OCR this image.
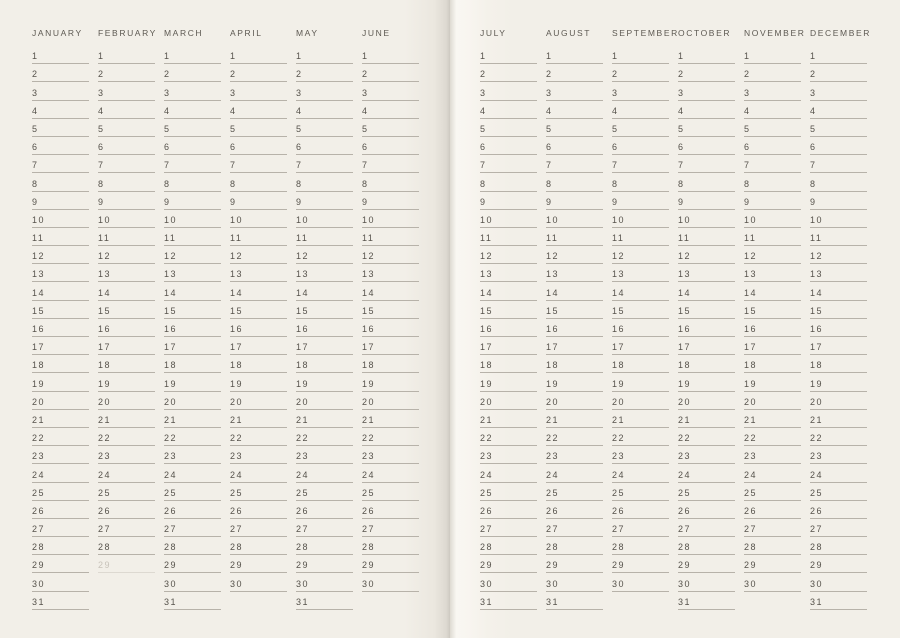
JANUARY
1
2
3
4
5
6
7
8
9
10
11
12
13
14
15
16
17
18
19
20
21
22
23
24
25
26
27
28
29
30
31
FEBRUARY
1
2
3
4
5
6
7
8
9
10
11
12
13
14
15
16
17
18
19
20
21
22
23
24
25
26
27
28
29
MARCH
1
2
3
4
5
6
7
8
9
10
11
12
13
14
15
16
17
18
19
20
21
22
23
24
25
26
27
28
29
30
31
APRIL
1
2
3
4
5
6
7
8
9
10
11
12
13
14
15
16
17
18
19
20
21
22
23
24
25
26
27
28
29
30
MAY
1
2
3
4
5
6
7
8
9
10
11
12
13
14
15
16
17
18
19
20
21
22
23
24
25
26
27
28
29
30
31
JUNE
1
2
3
4
5
6
7
8
9
10
11
12
13
14
15
16
17
18
19
20
21
22
23
24
25
26
27
28
29
30
JULY
1
2
3
4
5
6
7
8
9
10
11
12
13
14
15
16
17
18
19
20
21
22
23
24
25
26
27
28
29
30
31
AUGUST
1
2
3
4
5
6
7
8
9
10
11
12
13
14
15
16
17
18
19
20
21
22
23
24
25
26
27
28
29
30
31
SEPTEMBER
1
2
3
4
5
6
7
8
9
10
11
12
13
14
15
16
17
18
19
20
21
22
23
24
25
26
27
28
29
30
OCTOBER
1
2
3
4
5
6
7
8
9
10
11
12
13
14
15
16
17
18
19
20
21
22
23
24
25
26
27
28
29
30
31
NOVEMBER
1
2
3
4
5
6
7
8
9
10
11
12
13
14
15
16
17
18
19
20
21
22
23
24
25
26
27
28
29
30
DECEMBER
1
2
3
4
5
6
7
8
9
10
11
12
13
14
15
16
17
18
19
20
21
22
23
24
25
26
27
28
29
30
31
